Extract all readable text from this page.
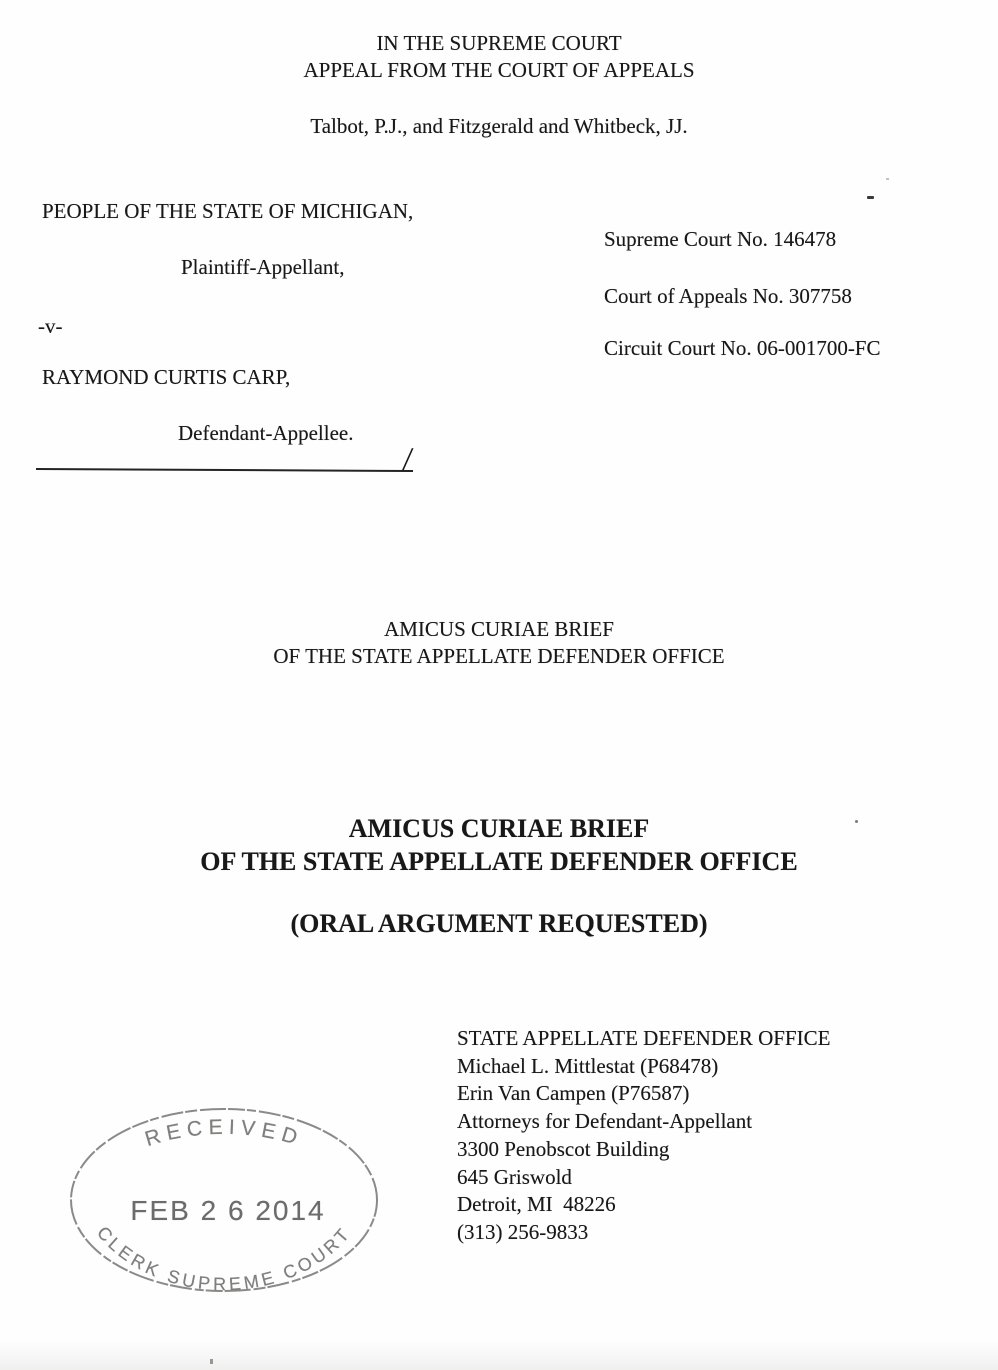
IN THE SUPREME COURT
APPEAL FROM THE COURT OF APPEALS
Talbot, P.J., and Fitzgerald and Whitbeck, JJ.
PEOPLE OF THE STATE OF MICHIGAN,
Plaintiff-Appellant,
-v-
RAYMOND CURTIS CARP,
Defendant-Appellee.
Supreme Court No. 146478
Court of Appeals No. 307758
Circuit Court No. 06-001700-FC
/
AMICUS CURIAE BRIEF
OF THE STATE APPELLATE DEFENDER OFFICE
AMICUS CURIAE BRIEF
OF THE STATE APPELLATE DEFENDER OFFICE
(ORAL ARGUMENT REQUESTED)
STATE APPELLATE DEFENDER OFFICE
Michael L. Mittlestat (P68478)
Erin Van Campen (P76587)
Attorneys for Defendant-Appellant
3300 Penobscot Building
645 Griswold
Detroit, MI  48226
(313) 256-9833
RECEIVED
FEB 2 6 2014
CLERK SUPREME COURT
